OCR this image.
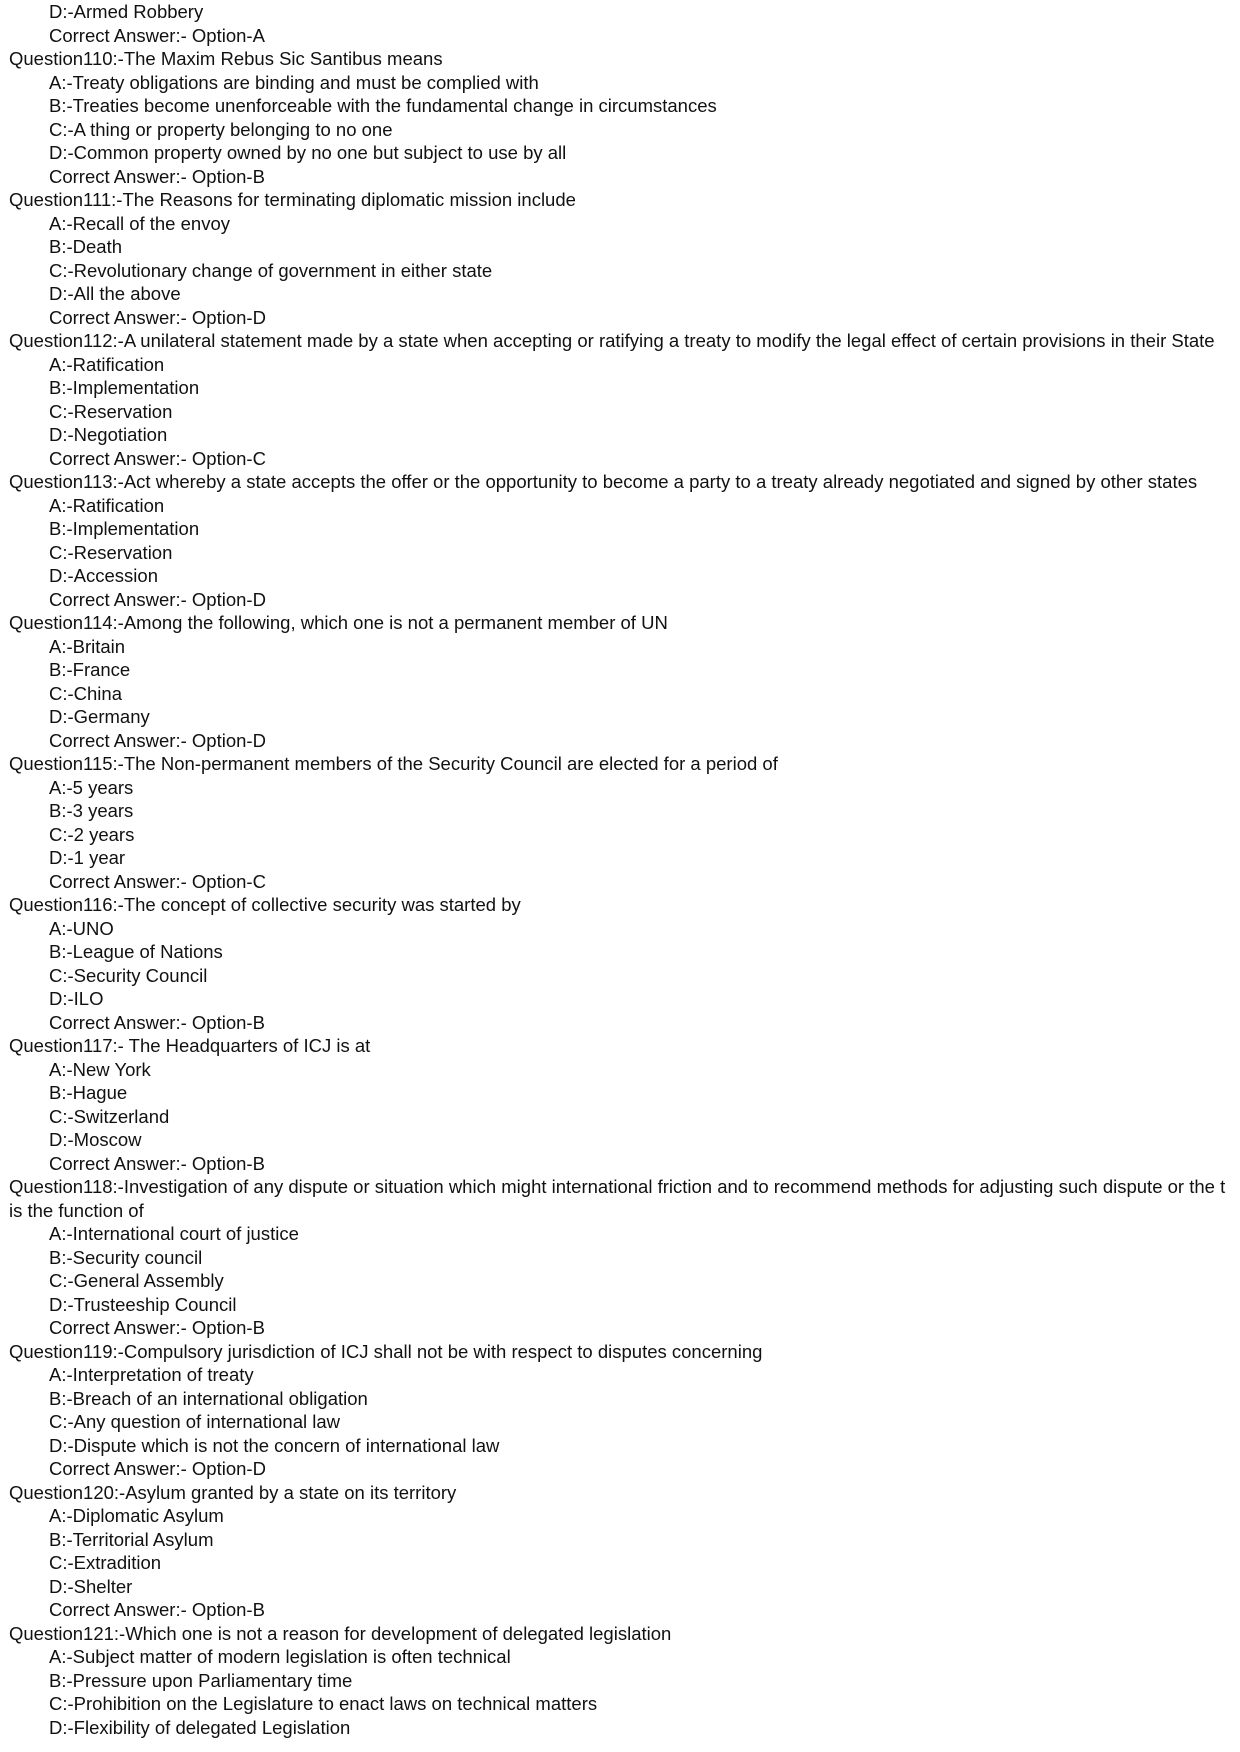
D:-Armed Robbery
Correct Answer:- Option-A
Question110:-The Maxim Rebus Sic Santibus means
A:-Treaty obligations are binding and must be complied with
B:-Treaties become unenforceable with the fundamental change in circumstances
C:-A thing or property belonging to no one
D:-Common property owned by no one but subject to use by all
Correct Answer:- Option-B
Question111:-The Reasons for terminating diplomatic mission include
A:-Recall of the envoy
B:-Death
C:-Revolutionary change of government in either state
D:-All the above
Correct Answer:- Option-D
Question112:-A unilateral statement made by a state when accepting or ratifying a treaty to modify the legal effect of certain provisions in their State
A:-Ratification
B:-Implementation
C:-Reservation
D:-Negotiation
Correct Answer:- Option-C
Question113:-Act whereby a state accepts the offer or the opportunity to become a party to a treaty already negotiated and signed by other states
A:-Ratification
B:-Implementation
C:-Reservation
D:-Accession
Correct Answer:- Option-D
Question114:-Among the following, which one is not a permanent member of UN
A:-Britain
B:-France
C:-China
D:-Germany
Correct Answer:- Option-D
Question115:-The Non-permanent members of the Security Council are elected for a period of
A:-5 years
B:-3 years
C:-2 years
D:-1 year
Correct Answer:- Option-C
Question116:-The concept of collective security was started by
A:-UNO
B:-League of Nations
C:-Security Council
D:-ILO
Correct Answer:- Option-B
Question117:- The Headquarters of ICJ is at
A:-New York
B:-Hague
C:-Switzerland
D:-Moscow
Correct Answer:- Option-B
Question118:-Investigation of any dispute or situation which might international friction and to recommend methods for adjusting such dispute or the t
is the function of
A:-International court of justice
B:-Security council
C:-General Assembly
D:-Trusteeship Council
Correct Answer:- Option-B
Question119:-Compulsory jurisdiction of ICJ shall not be with respect to disputes concerning
A:-Interpretation of treaty
B:-Breach of an international obligation
C:-Any question of international law
D:-Dispute which is not the concern of international law
Correct Answer:- Option-D
Question120:-Asylum granted by a state on its territory
A:-Diplomatic Asylum
B:-Territorial Asylum
C:-Extradition
D:-Shelter
Correct Answer:- Option-B
Question121:-Which one is not a reason for development of delegated legislation
A:-Subject matter of modern legislation is often technical
B:-Pressure upon Parliamentary time
C:-Prohibition on the Legislature to enact laws on technical matters
D:-Flexibility of delegated Legislation
